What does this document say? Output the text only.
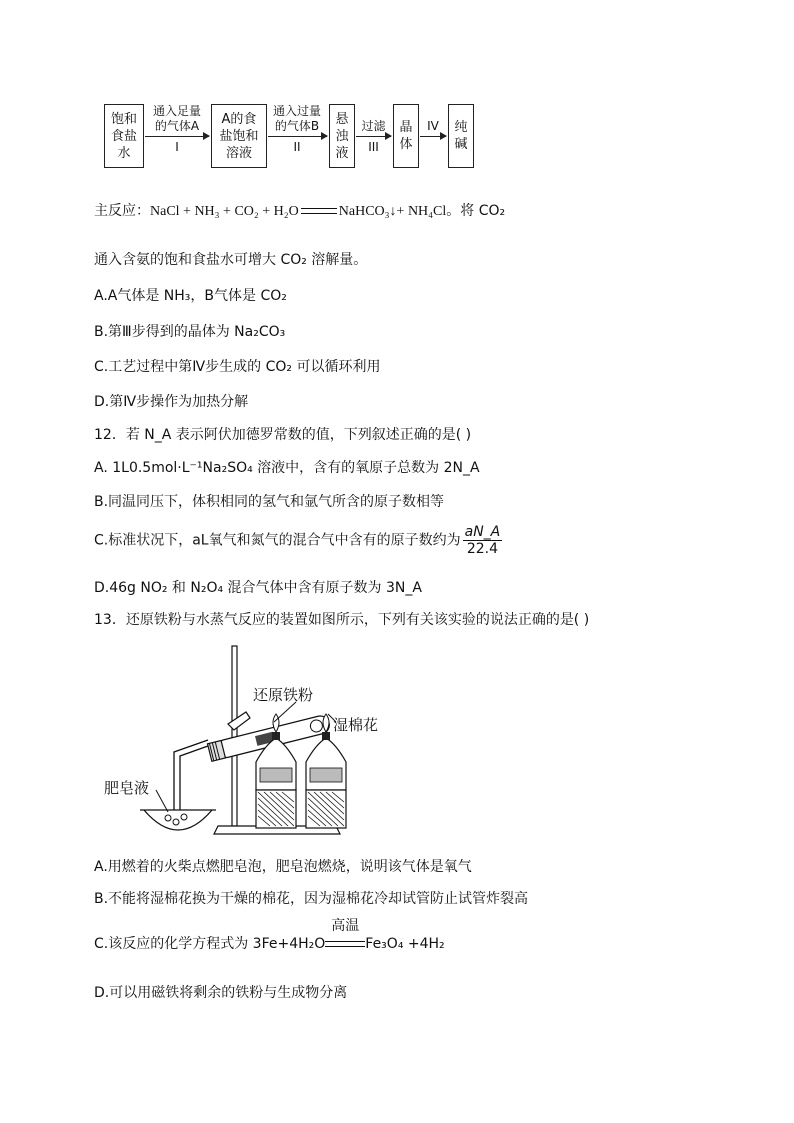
饱和
食盐
水
A的食
盐饱和
溶液
悬
浊
液
晶
体
纯
碱
通入足量
的气体A
I
通入过量
的气体B
II
过滤
III
IV
主反应：NaCl + NH₃ + CO₂ + H₂O	NaHCO₃↓+ NH₄Cl。将 CO₂
通入含氨的饱和食盐水可增大 CO₂ 溶解量。
A.A气体是 NH₃，B气体是 CO₂
B.第Ⅲ步得到的晶体为 Na₂CO₃
C.工艺过程中第Ⅳ步生成的 CO₂ 可以循环利用
D.第Ⅳ步操作为加热分解
12．若 N_A 表示阿伏加德罗常数的值，下列叙述正确的是( )
A. 1L0.5mol·L⁻¹Na₂SO₄ 溶液中，含有的氧原子总数为 2N_A
B.同温同压下，体积相同的氢气和氩气所含的原子数相等
C.标准状况下，aL氧气和氮气的混合气中含有的原子数约为 $\frac{aN\_A}{22.4}$
D.46g NO₂ 和 N₂O₄ 混合气体中含有原子数为 3N_A
13．还原铁粉与水蒸气反应的装置如图所示，下列有关该实验的说法正确的是( )
还原铁粉
湿棉花
肥皂液
A.用燃着的火柴点燃肥皂泡，肥皂泡燃烧，说明该气体是氧气
B.不能将湿棉花换为干燥的棉花，因为湿棉花冷却试管防止试管炸裂高
C.该反应的化学方程式为 3Fe+4H₂O
高温
Fe₃O₄ +4H₂
D.可以用磁铁将剩余的铁粉与生成物分离
